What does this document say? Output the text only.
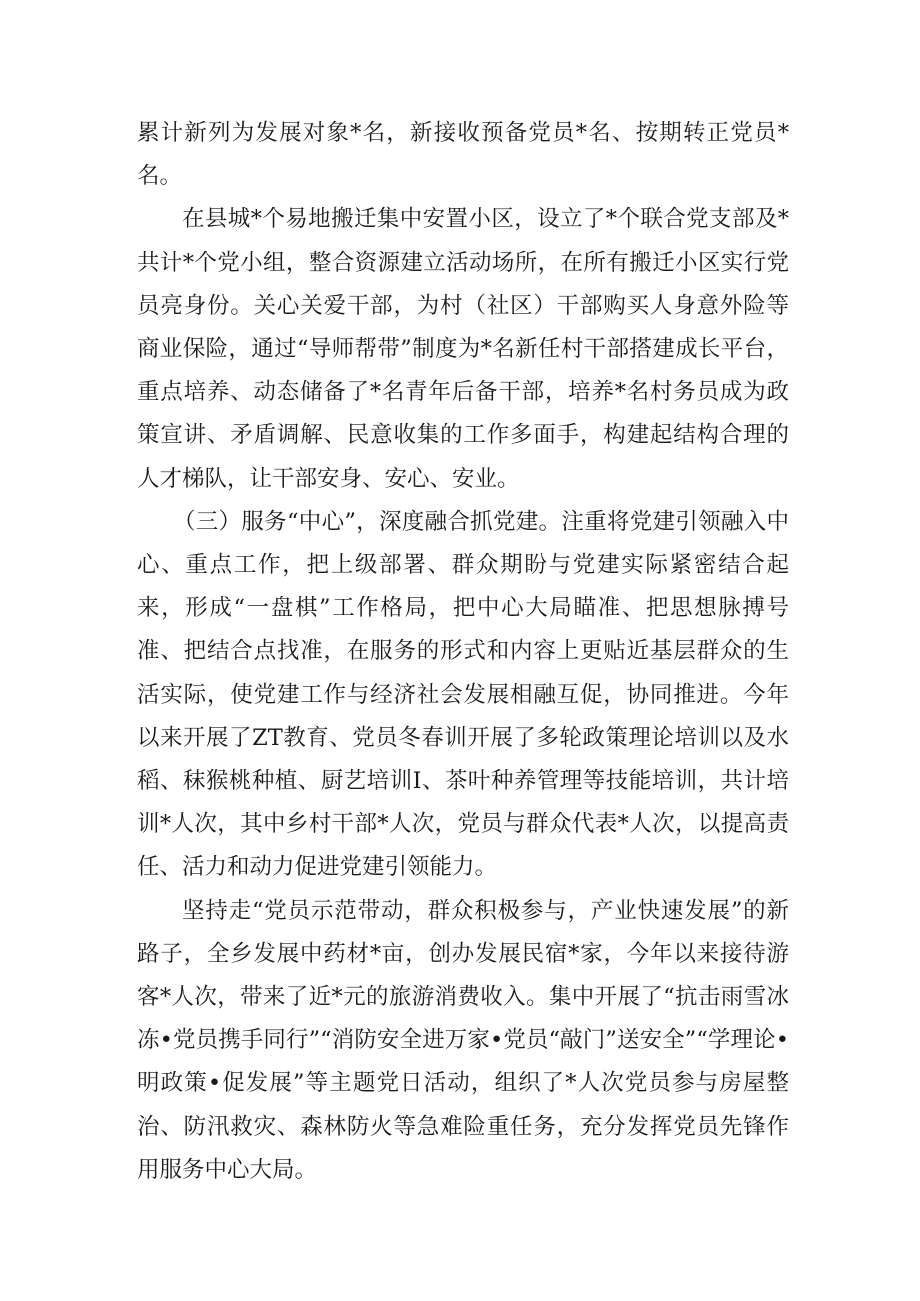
累计新列为发展对象*名，新接收预备党员*名、按期转正党员*名。

在县城*个易地搬迁集中安置小区，设立了*个联合党支部及*共计*个党小组，整合资源建立活动场所，在所有搬迁小区实行党员亮身份。关心关爱干部，为村（社区）干部购买人身意外险等商业保险，通过“导师帮带”制度为*名新任村干部搭建成长平台，重点培养、动态储备了*名青年后备干部，培养*名村务员成为政策宣讲、矛盾调解、民意收集的工作多面手，构建起结构合理的人才梯队，让干部安身、安心、安业。

（三）服务“中心”，深度融合抓党建。注重将党建引领融入中心、重点工作，把上级部署、群众期盼与党建实际紧密结合起来，形成“一盘棋”工作格局，把中心大局瞄准、把思想脉搏号准、把结合点找准，在服务的形式和内容上更贴近基层群众的生活实际，使党建工作与经济社会发展相融互促，协同推进。今年以来开展了ZT教育、党员冬春训开展了多轮政策理论培训以及水稻、秣猴桃种植、厨艺培训I、茶叶种养管理等技能培训，共计培训*人次，其中乡村干部*人次，党员与群众代表*人次，以提高责任、活力和动力促进党建引领能力。

坚持走“党员示范带动，群众积极参与，产业快速发展”的新路子，全乡发展中药材*亩，创办发展民宿*家，今年以来接待游客*人次，带来了近*元的旅游消费收入。集中开展了“抗击雨雪冰冻•党员携手同行”“消防安全进万家•党员“敲门”送安全”“学理论•明政策•促发展”等主题党日活动，组织了*人次党员参与房屋整治、防汛救灾、森林防火等急难险重任务，充分发挥党员先锋作用服务中心大局。
